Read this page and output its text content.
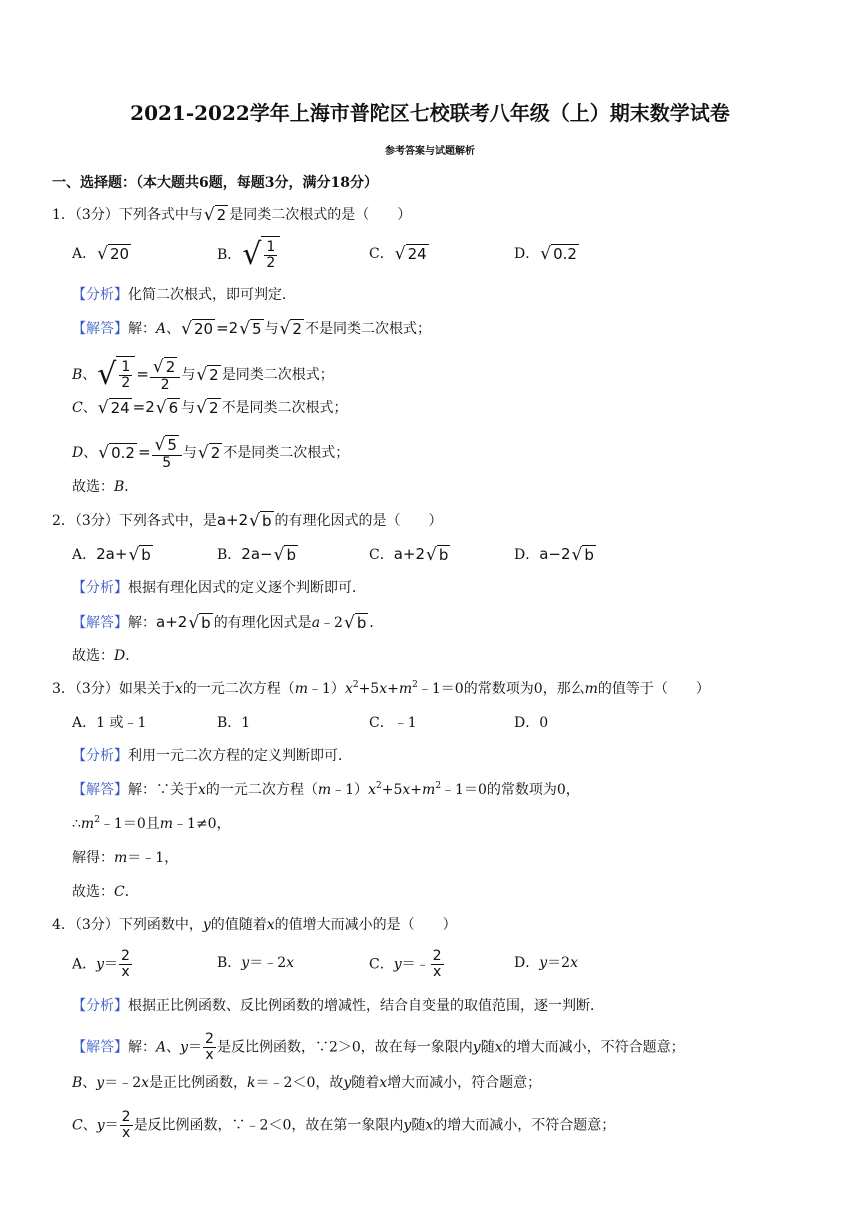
2021-2022学年上海市普陀区七校联考八年级（上）期末数学试卷
参考答案与试题解析
一、选择题：（本大题共6题，每题3分，满分18分）
1．（3分）下列各式中与 √ 2 是同类二次根式的是（　　）
A． √ 20	B． √ $\frac{1}{2}$	C． √ 24	D． √ 0.2
【分析】化简二次根式，即可判定．
【解答】解：A、 √ 20 =2 √ 5 与 √ 2 不是同类二次根式；
B、 √ $\frac{1}{2} = \frac{√ 2}{2}$ 与 √ 2 是同类二次根式；
C、 √ 24 =2 √ 6 与 √ 2 不是同类二次根式；
D、 √ $0.2 = \frac{√ 5}{5}$ 与 √ 2 不是同类二次根式；
故选：B．
2．（3分）下列各式中，是a+2 √ b 的有理化因式的是（　　）
A．2a+ √ b	B．2a− √ b	C．a+2 √ b	D．a−2 √ b
【分析】根据有理化因式的定义逐个判断即可．
【解答】解：a+2 √ b 的有理化因式是a﹣2 √ b ．
故选：D．
3．（3分）如果关于x的一元二次方程$(m﹣1)x^2+5x+m^2﹣1=0$的常数项为0，那么m的值等于（　　）
A．1 或﹣1	B．1	C．﹣1	D．0
【分析】利用一元二次方程的定义判断即可．
【解答】解：∵关于x的一元二次方程$(m﹣1)x^2+5x+m^2﹣1=0$的常数项为0，
$\therefore m^2﹣1=0$且m﹣1≠0，
解得：m＝﹣1，
故选：C．
4．（3分）下列函数中，y的值随着x的值增大而减小的是（　　）
A．$y= \frac{2}{x}$	B．y＝﹣2x	C．y＝﹣ $\frac{2}{x}$	D．y＝2x
【分析】根据正比例函数、反比例函数的增减性，结合自变量的取值范围，逐一判断．
【解答】解：A、$y= \frac{2}{x}$ 是反比例函数，∵2＞0，故在每一象限内y随x的增大而减小，不符合题意；
B、y＝﹣2x是正比例函数，k＝﹣2＜0，故y随着x增大而减小，符合题意；
C、$y= \frac{2}{x}$ 是反比例函数，∵﹣2＜0，故在第一象限内y随x的增大而减小，不符合题意；
